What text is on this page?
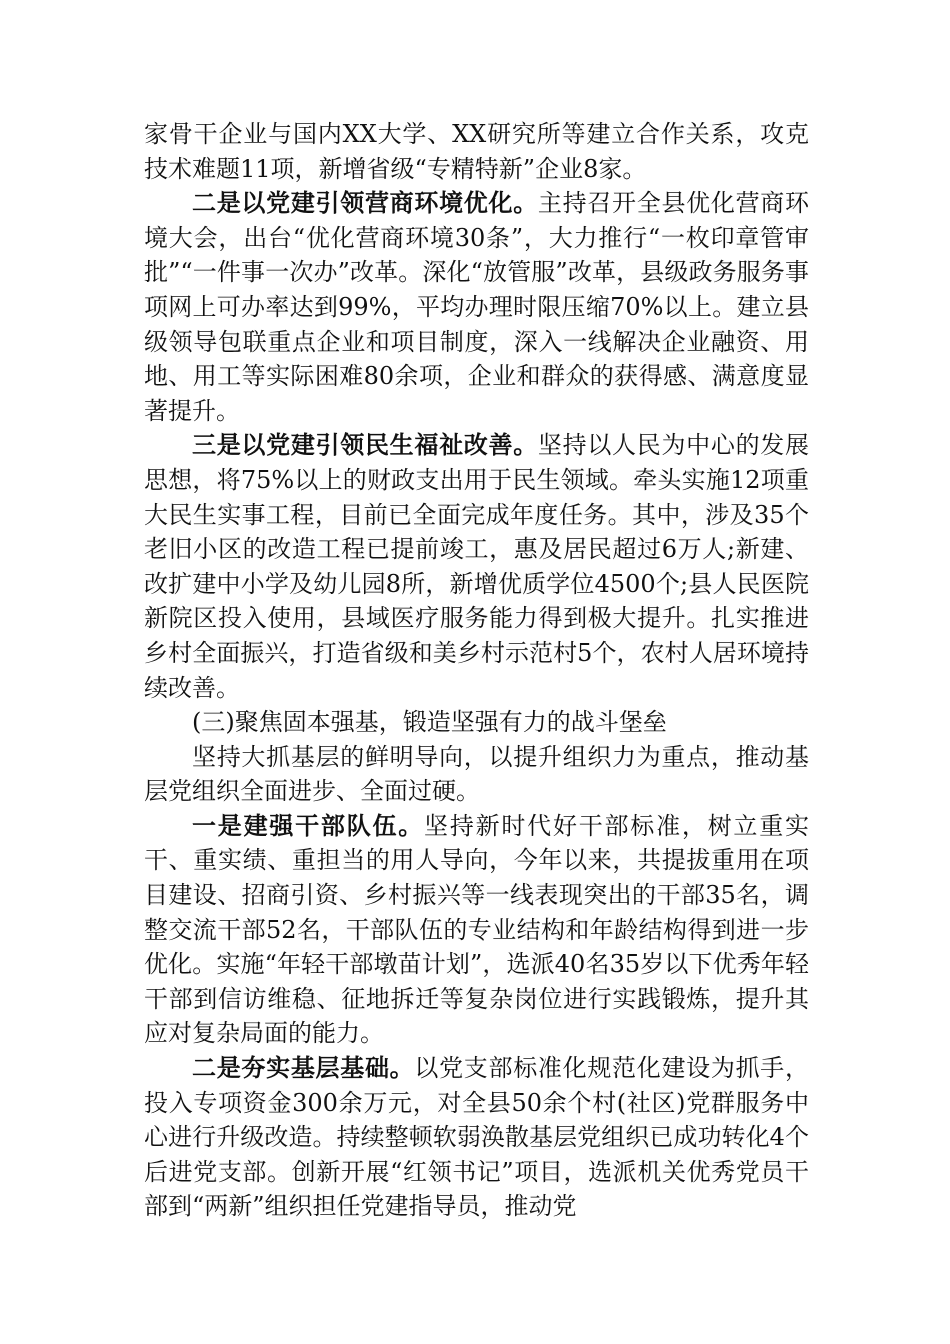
家骨干企业与国内XX大学、XX研究所等建立合作关系，攻克技术难题11项，新增省级“专精特新”企业8家。

二是以党建引领营商环境优化。主持召开全县优化营商环境大会，出台“优化营商环境30条”，大力推行“一枚印章管审批”“一件事一次办”改革。深化“放管服”改革，县级政务服务事项网上可办率达到99%，平均办理时限压缩70%以上。建立县级领导包联重点企业和项目制度，深入一线解决企业融资、用地、用工等实际困难80余项，企业和群众的获得感、满意度显著提升。

三是以党建引领民生福祉改善。坚持以人民为中心的发展思想，将75%以上的财政支出用于民生领域。牵头实施12项重大民生实事工程，目前已全面完成年度任务。其中，涉及35个老旧小区的改造工程已提前竣工，惠及居民超过6万人;新建、改扩建中小学及幼儿园8所，新增优质学位4500个;县人民医院新院区投入使用，县域医疗服务能力得到极大提升。扎实推进乡村全面振兴，打造省级和美乡村示范村5个，农村人居环境持续改善。

(三)聚焦固本强基，锻造坚强有力的战斗堡垒

坚持大抓基层的鲜明导向，以提升组织力为重点，推动基层党组织全面进步、全面过硬。

一是建强干部队伍。坚持新时代好干部标准，树立重实干、重实绩、重担当的用人导向，今年以来，共提拔重用在项目建设、招商引资、乡村振兴等一线表现突出的干部35名，调整交流干部52名，干部队伍的专业结构和年龄结构得到进一步优化。实施“年轻干部墩苗计划”，选派40名35岁以下优秀年轻干部到信访维稳、征地拆迁等复杂岗位进行实践锻炼，提升其应对复杂局面的能力。

二是夯实基层基础。以党支部标准化规范化建设为抓手，投入专项资金300余万元，对全县50余个村(社区)党群服务中心进行升级改造。持续整顿软弱涣散基层党组织已成功转化4个后进党支部。创新开展“红领书记”项目，选派机关优秀党员干部到“两新”组织担任党建指导员，推动党
